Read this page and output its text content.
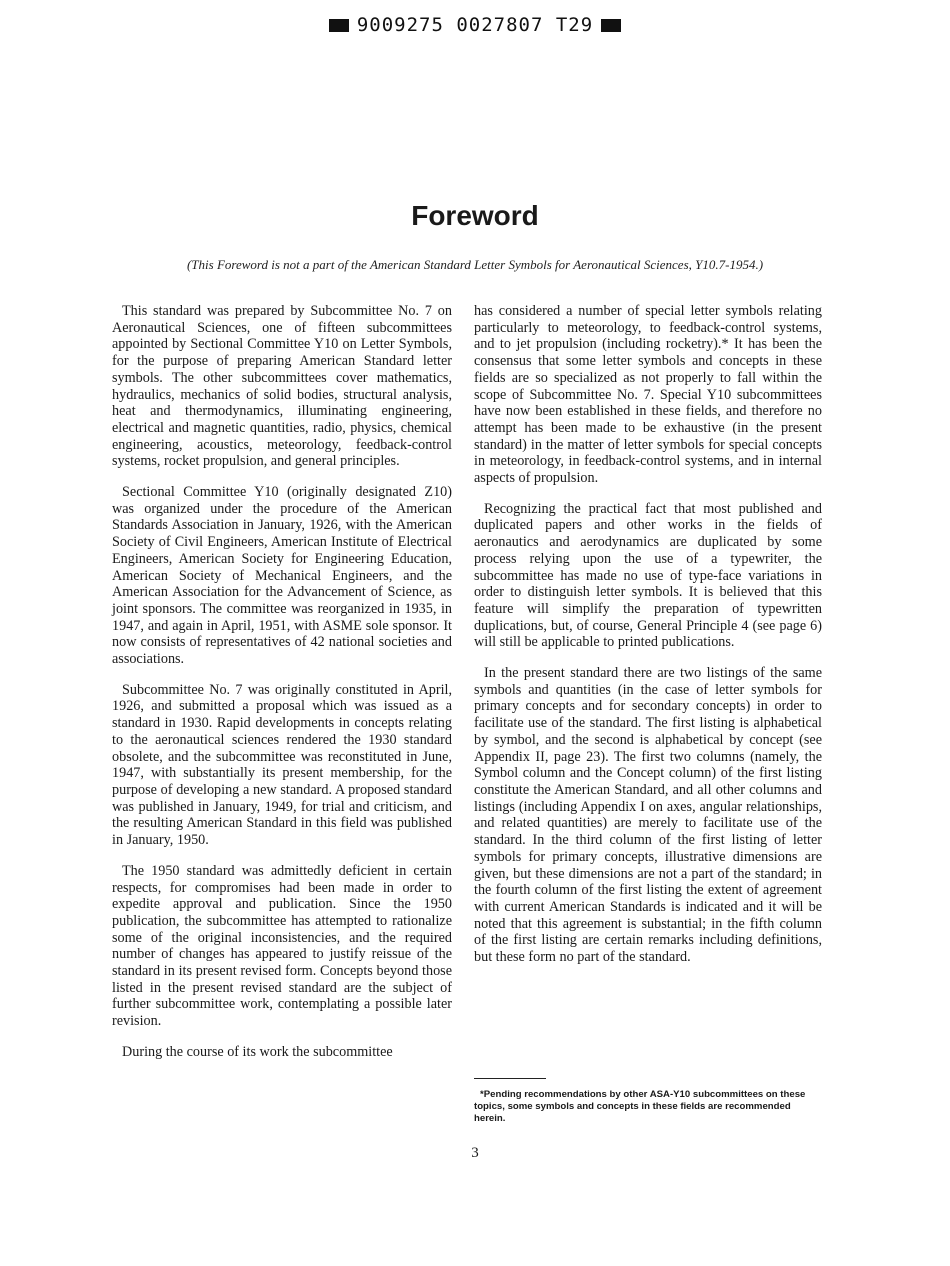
9009275 0027807 T29
Foreword
(This Foreword is not a part of the American Standard Letter Symbols for Aeronautical Sciences, Y10.7-1954.)

This standard was prepared by Subcommittee No. 7 on Aeronautical Sciences, one of fifteen subcommittees appointed by Sectional Committee Y10 on Letter Symbols, for the purpose of preparing American Standard letter symbols. The other subcommittees cover mathematics, hydraulics, mechanics of solid bodies, structural analysis, heat and thermodynamics, illuminating engineering, electrical and magnetic quantities, radio, physics, chemical engineering, acoustics, meteorology, feedback-control systems, rocket propulsion, and general principles.

Sectional Committee Y10 (originally designated Z10) was organized under the procedure of the American Standards Association in January, 1926, with the American Society of Civil Engineers, American Institute of Electrical Engineers, American Society for Engineering Education, American Society of Mechanical Engineers, and the American Association for the Advancement of Science, as joint sponsors. The committee was reorganized in 1935, in 1947, and again in April, 1951, with ASME sole sponsor. It now consists of representatives of 42 national societies and associations.

Subcommittee No. 7 was originally constituted in April, 1926, and submitted a proposal which was issued as a standard in 1930. Rapid developments in concepts relating to the aeronautical sciences rendered the 1930 standard obsolete, and the subcommittee was reconstituted in June, 1947, with substantially its present membership, for the purpose of developing a new standard. A proposed standard was published in January, 1949, for trial and criticism, and the resulting American Standard in this field was published in January, 1950.

The 1950 standard was admittedly deficient in certain respects, for compromises had been made in order to expedite approval and publication. Since the 1950 publication, the subcommittee has attempted to rationalize some of the original inconsistencies, and the required number of changes has appeared to justify reissue of the standard in its present revised form. Concepts beyond those listed in the present revised standard are the subject of further subcommittee work, contemplating a possible later revision.

During the course of its work the subcommittee

has considered a number of special letter symbols relating particularly to meteorology, to feedback-control systems, and to jet propulsion (including rocketry).* It has been the consensus that some letter symbols and concepts in these fields are so specialized as not properly to fall within the scope of Subcommittee No. 7. Special Y10 subcommittees have now been established in these fields, and therefore no attempt has been made to be exhaustive (in the present standard) in the matter of letter symbols for special concepts in meteorology, in feedback-control systems, and in internal aspects of propulsion.

Recognizing the practical fact that most published and duplicated papers and other works in the fields of aeronautics and aerodynamics are duplicated by some process relying upon the use of a typewriter, the subcommittee has made no use of type-face variations in order to distinguish letter symbols. It is believed that this feature will simplify the preparation of typewritten duplications, but, of course, General Principle 4 (see page 6) will still be applicable to printed publications.

In the present standard there are two listings of the same symbols and quantities (in the case of letter symbols for primary concepts and for secondary concepts) in order to facilitate use of the standard. The first listing is alphabetical by symbol, and the second is alphabetical by concept (see Appendix II, page 23). The first two columns (namely, the Symbol column and the Concept column) of the first listing constitute the American Standard, and all other columns and listings (including Appendix I on axes, angular relationships, and related quantities) are merely to facilitate use of the standard. In the third column of the first listing of letter symbols for primary concepts, illustrative dimensions are given, but these dimensions are not a part of the standard; in the fourth column of the first listing the extent of agreement with current American Standards is indicated and it will be noted that this agreement is substantial; in the fifth column of the first listing are certain remarks including definitions, but these form no part of the standard.

*Pending recommendations by other ASA-Y10 subcommittees on these topics, some symbols and concepts in these fields are recommended herein.
3
